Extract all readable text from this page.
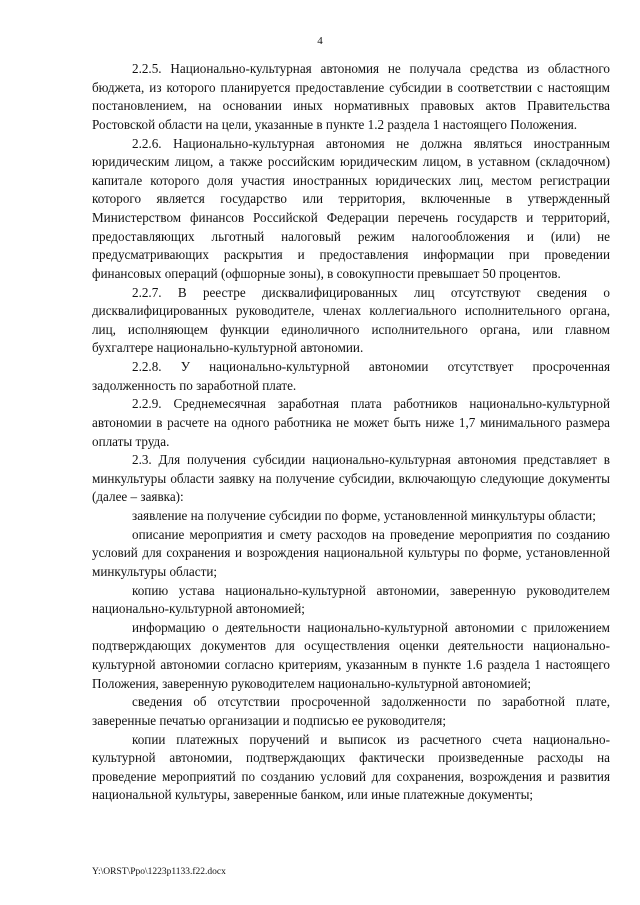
4

2.2.5. Национально-культурная автономия не получала средства из областного бюджета, из которого планируется предоставление субсидии в соответствии с настоящим постановлением, на основании иных нормативных правовых актов Правительства Ростовской области на цели, указанные в пункте 1.2 раздела 1 настоящего Положения.

2.2.6. Национально-культурная автономия не должна являться иностранным юридическим лицом, а также российским юридическим лицом, в уставном (складочном) капитале которого доля участия иностранных юридических лиц, местом регистрации которого является государство или территория, включенные в утвержденный Министерством финансов Российской Федерации перечень государств и территорий, предоставляющих льготный налоговый режим налогообложения и (или) не предусматривающих раскрытия и предоставления информации при проведении финансовых операций (офшорные зоны), в совокупности превышает 50 процентов.

2.2.7. В реестре дисквалифицированных лиц отсутствуют сведения о дисквалифицированных руководителе, членах коллегиального исполнительного органа, лиц, исполняющем функции единоличного исполнительного органа, или главном бухгалтере национально-культурной автономии.

2.2.8. У национально-культурной автономии отсутствует просроченная задолженность по заработной плате.

2.2.9. Среднемесячная заработная плата работников национально-культурной автономии в расчете на одного работника не может быть ниже 1,7 минимального размера оплаты труда.

2.3. Для получения субсидии национально-культурная автономия представляет в минкультуры области заявку на получение субсидии, включающую следующие документы (далее – заявка):

заявление на получение субсидии по форме, установленной минкультуры области;

описание мероприятия и смету расходов на проведение мероприятия по созданию условий для сохранения и возрождения национальной культуры по форме, установленной минкультуры области;

копию устава национально-культурной автономии, заверенную руководителем национально-культурной автономией;

информацию о деятельности национально-культурной автономии с приложением подтверждающих документов для осуществления оценки деятельности национально-культурной автономии согласно критериям, указанным в пункте 1.6 раздела 1 настоящего Положения, заверенную руководителем национально-культурной автономией;

сведения об отсутствии просроченной задолженности по заработной плате, заверенные печатью организации и подписью ее руководителя;

копии платежных поручений и выписок из расчетного счета национально-культурной автономии, подтверждающих фактически произведенные расходы на проведение мероприятий по созданию условий для сохранения, возрождения и развития национальной культуры, заверенные банком, или иные платежные документы;

Y:\ORST\Ppo\1223p1133.f22.docx
